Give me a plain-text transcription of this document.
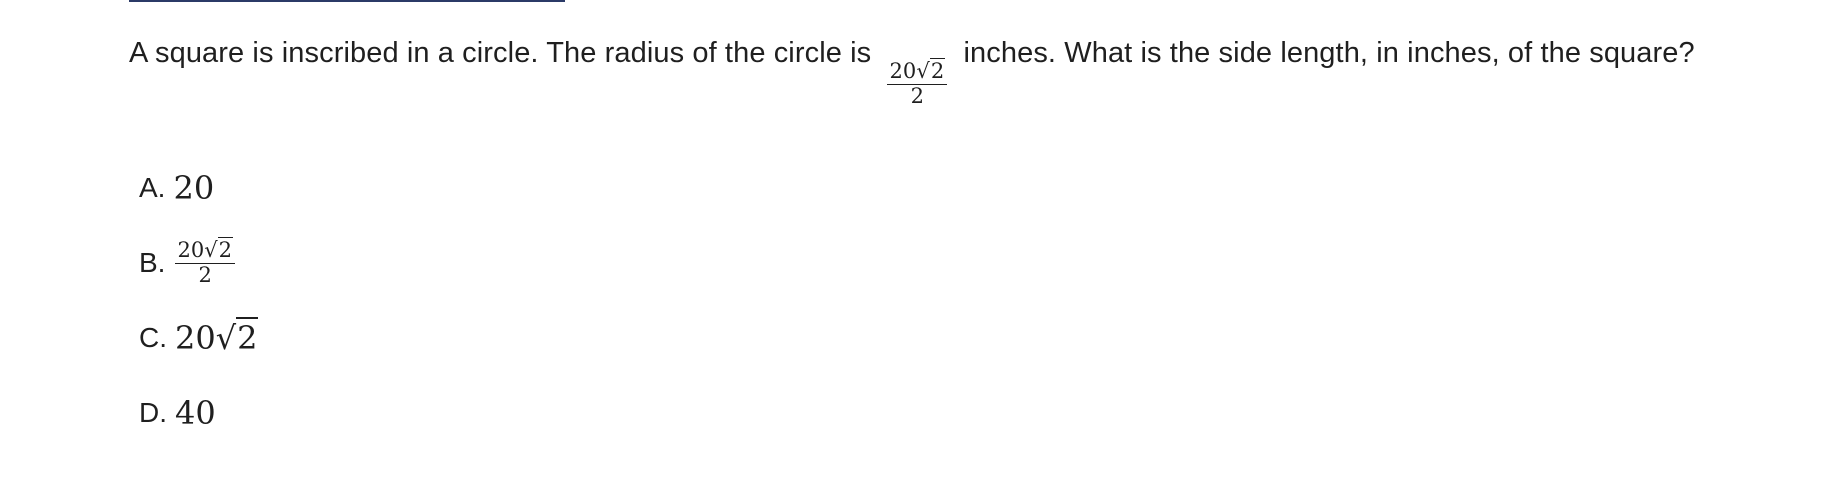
A square is inscribed in a circle. The radius of the circle is
$\frac{20√2}{2}$
inches. What is the side length, in inches, of the square?
A. 20
B. $\frac{20√2}{2}$
C. 20√2
D. 40
